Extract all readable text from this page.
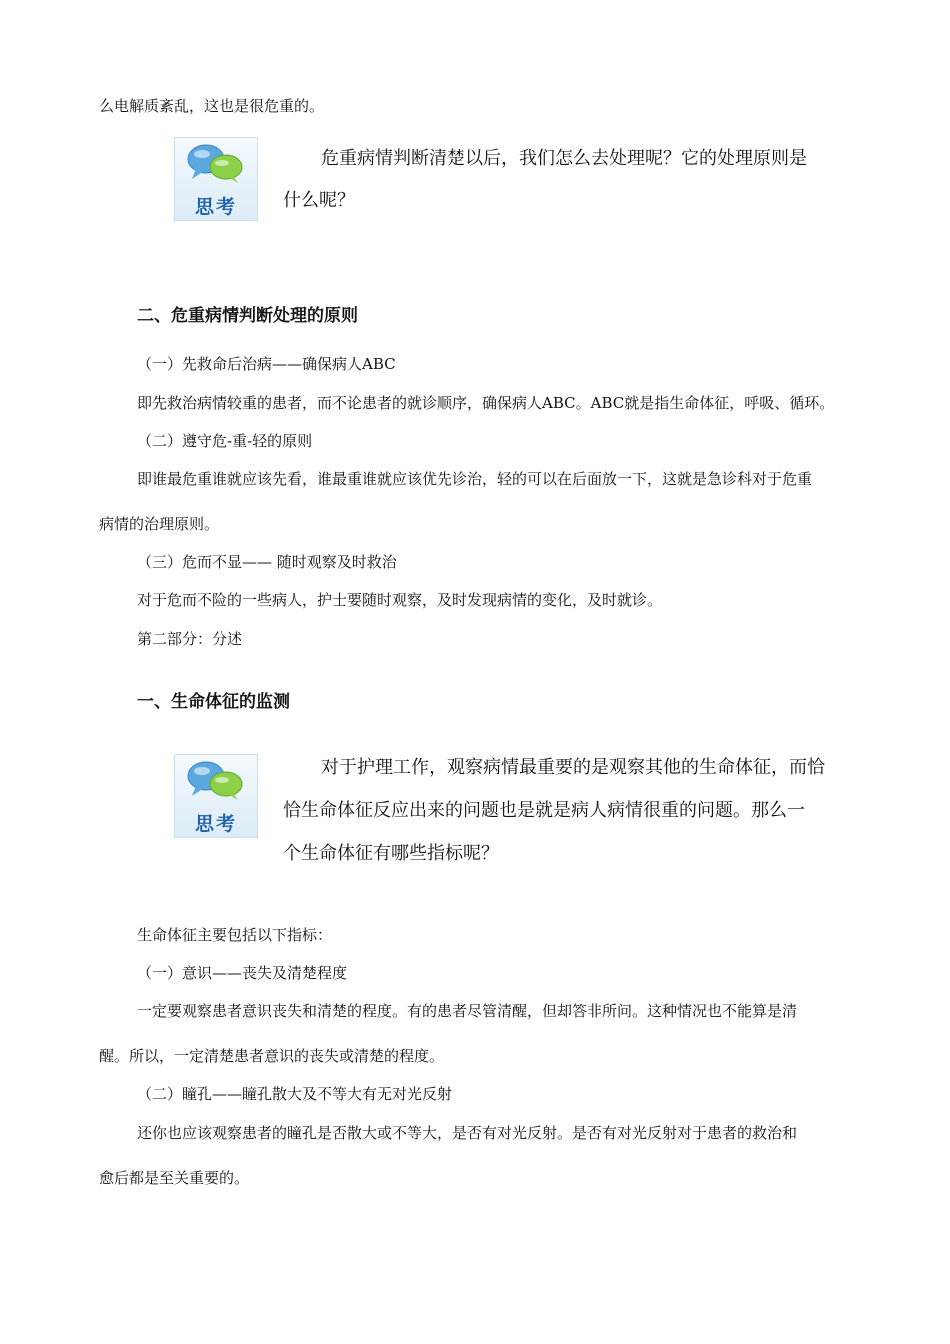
么电解质紊乱，这也是很危重的。

思考
危重病情判断清楚以后，我们怎么去处理呢？它的处理原则是
什么呢？
二、危重病情判断处理的原则

（一）先救命后治病——确保病人ABC

即先救治病情较重的患者，而不论患者的就诊顺序，确保病人ABC。ABC就是指生命体征，呼吸、循环。

（二）遵守危-重-轻的原则

即谁最危重谁就应该先看，谁最重谁就应该优先诊治，轻的可以在后面放一下，这就是急诊科对于危重

病情的治理原则。

（三）危而不显—— 随时观察及时救治

对于危而不险的一些病人，护士要随时观察，及时发现病情的变化，及时就诊。

第二部分：分述

一、生命体征的监测
思考
对于护理工作，观察病情最重要的是观察其他的生命体征，而恰
恰生命体征反应出来的问题也是就是病人病情很重的问题。那么一
个生命体征有哪些指标呢？

生命体征主要包括以下指标：

（一）意识——丧失及清楚程度

一定要观察患者意识丧失和清楚的程度。有的患者尽管清醒，但却答非所问。这种情况也不能算是清

醒。所以，一定清楚患者意识的丧失或清楚的程度。

（二）瞳孔——瞳孔散大及不等大有无对光反射

还你也应该观察患者的瞳孔是否散大或不等大，是否有对光反射。是否有对光反射对于患者的救治和

愈后都是至关重要的。
